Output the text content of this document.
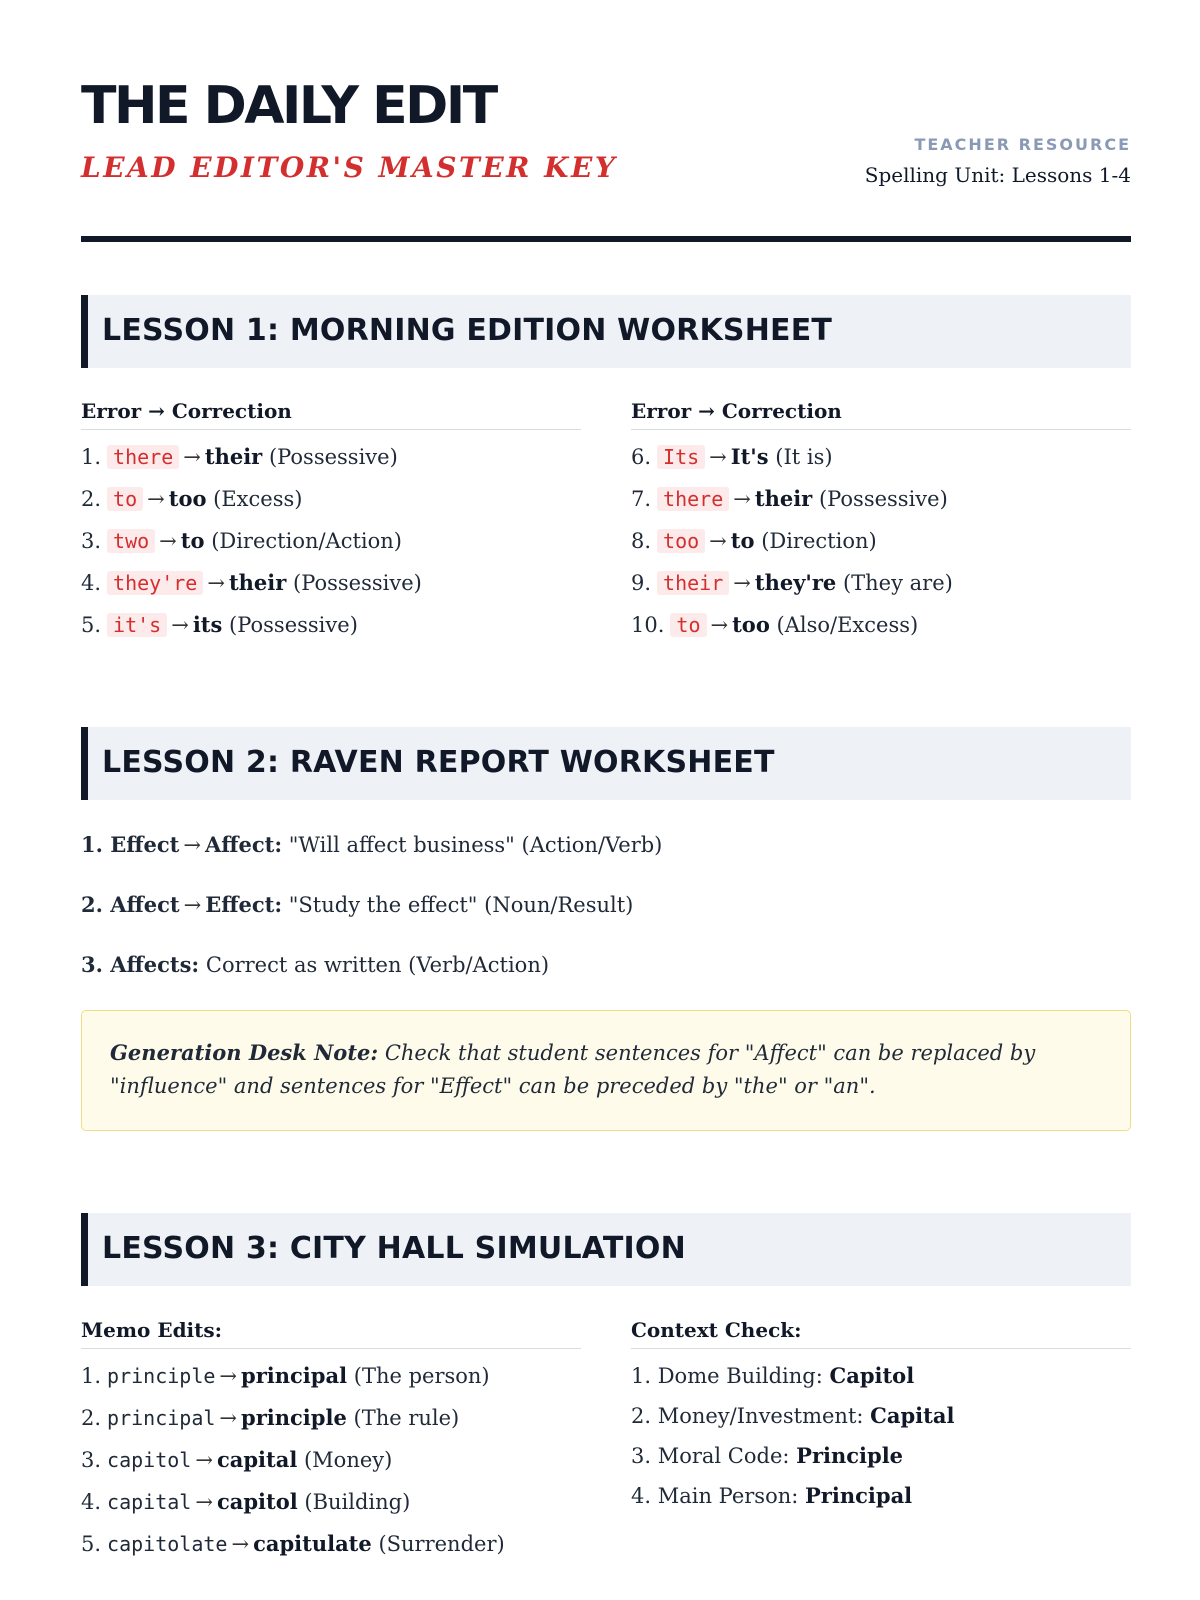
THE DAILY EDIT
LEAD EDITOR'S MASTER KEY
TEACHER RESOURCE
Spelling Unit: Lessons 1-4
LESSON 1: MORNING EDITION WORKSHEET
Error → Correction
1. there → their (Possessive)
2. to → too (Excess)
3. two → to (Direction/Action)
4. they're → their (Possessive)
5. it's → its (Possessive)
Error → Correction
6. Its → It's (It is)
7. there → their (Possessive)
8. too → to (Direction)
9. their → they're (They are)
10. to → too (Also/Excess)
LESSON 2: RAVEN REPORT WORKSHEET
1. Effect → Affect: "Will affect business" (Action/Verb)
2. Affect → Effect: "Study the effect" (Noun/Result)
3. Affects: Correct as written (Verb/Action)
Generation Desk Note: Check that student sentences for "Affect" can be replaced by "influence" and sentences for "Effect" can be preceded by "the" or "an".
LESSON 3: CITY HALL SIMULATION
Memo Edits:
1. principle → principal (The person)
2. principal → principle (The rule)
3. capitol → capital (Money)
4. capital → capitol (Building)
5. capitolate → capitulate (Surrender)
Context Check:
1. Dome Building: Capitol
2. Money/Investment: Capital
3. Moral Code: Principle
4. Main Person: Principal
